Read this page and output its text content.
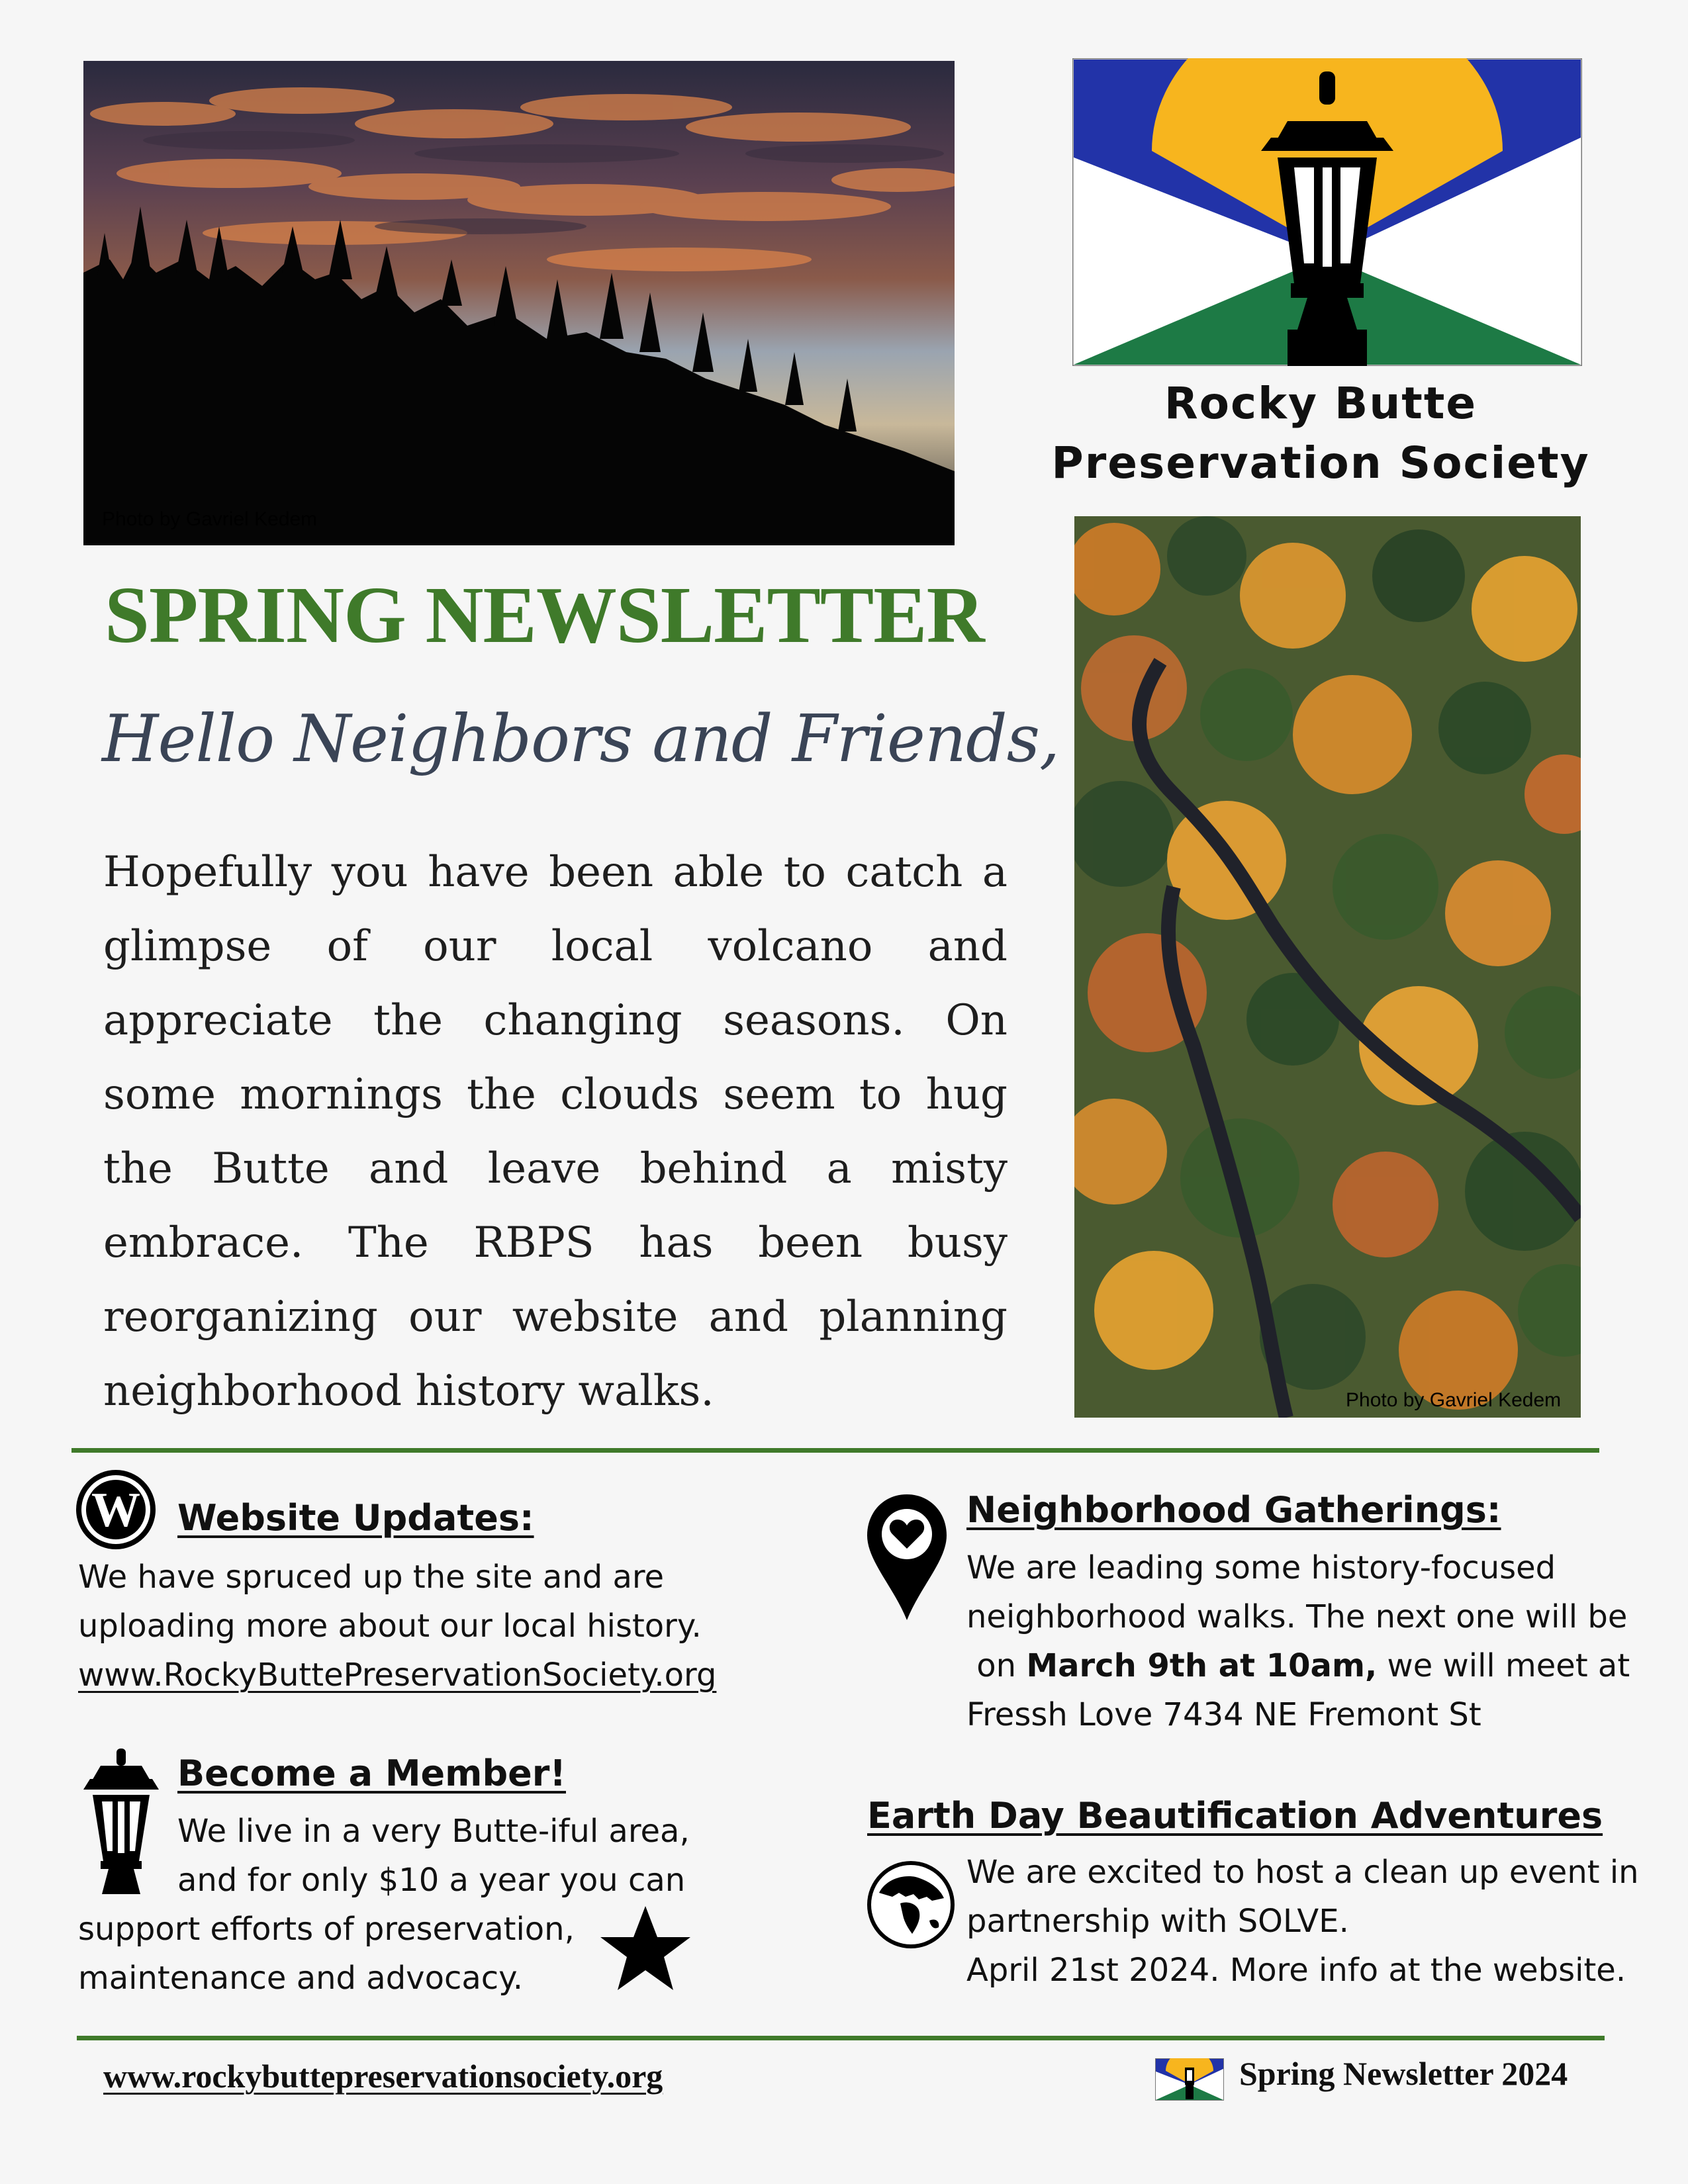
Photo by Gavriel Kedem
Rocky Butte
Preservation Society
SPRING NEWSLETTER
Hello Neighbors and Friends,
Hopefully you have been able to catch a glimpse of our local volcano and appreciate the changing seasons. On some mornings the clouds seem to hug the Butte and leave behind a misty embrace. The RBPS has been busy reorganizing our website and planning neighborhood history walks.	Photo by Gavriel Kedem
W Website Updates:
We have spruced up the site and are
uploading more about our local history.
www.RockyButtePreservationSociety.org
Become a Member!
We live in a very Butte-iful area,
and for only $10 a year you can
support efforts of preservation,
maintenance and advocacy.
Neighborhood Gatherings:
We are leading some history-focused
neighborhood walks. The next one will be
on March 9th at 10am, we will meet at
Fressh Love 7434 NE Fremont St
Earth Day Beautification Adventures
We are excited to host a clean up event in
partnership with SOLVE.
April 21st 2024. More info at the website.
www.rockybuttepreservationsociety.org	Spring Newsletter 2024
